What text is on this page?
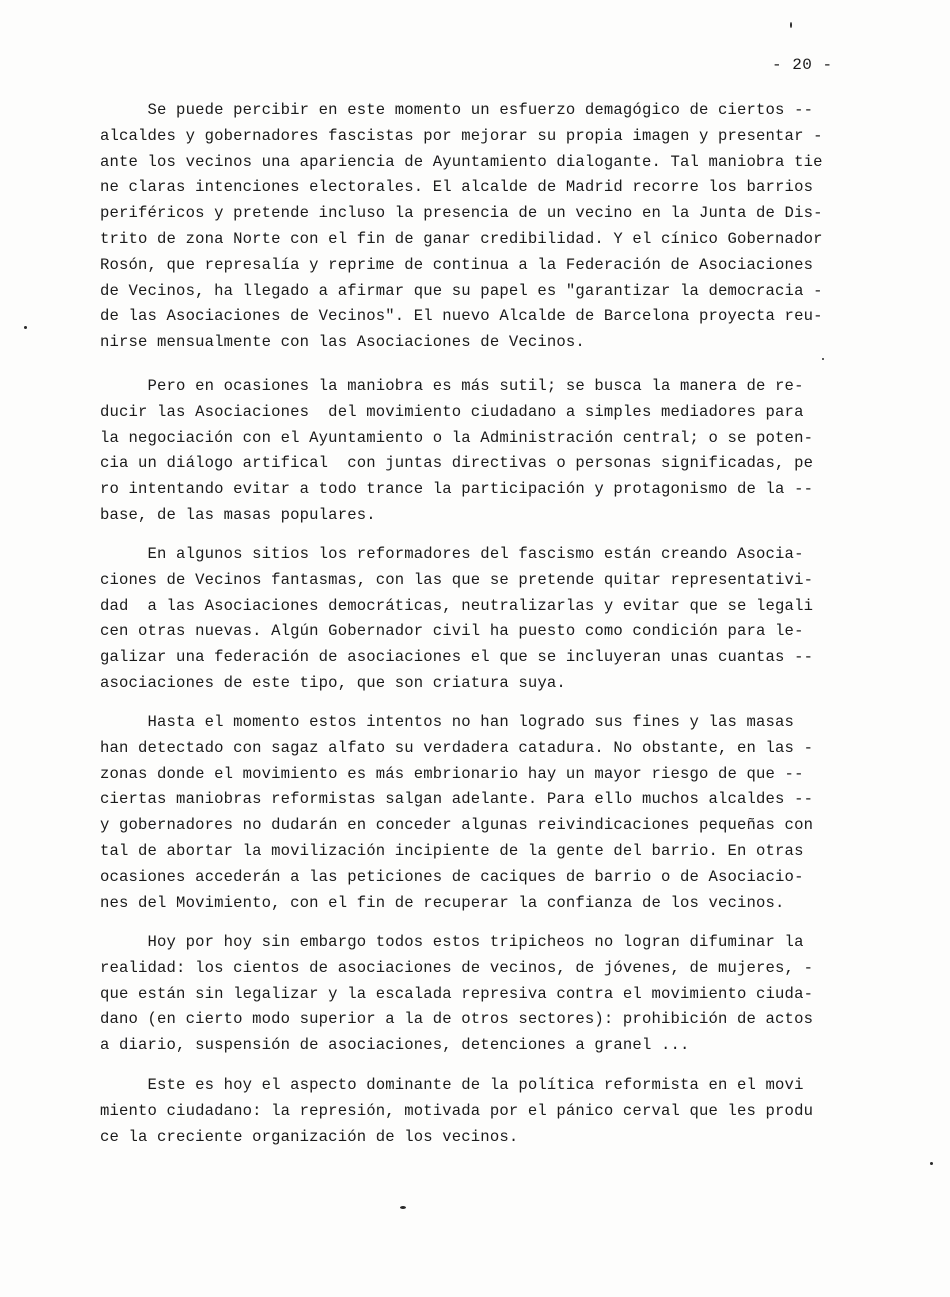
- 20 -
Se puede percibir en este momento un esfuerzo demagógico de ciertos --
alcaldes y gobernadores fascistas por mejorar su propia imagen y presentar -
ante los vecinos una apariencia de Ayuntamiento dialogante. Tal maniobra tie
ne claras intenciones electorales. El alcalde de Madrid recorre los barrios
periféricos y pretende incluso la presencia de un vecino en la Junta de Dis-
trito de zona Norte con el fin de ganar credibilidad. Y el cínico Gobernador
Rosón, que represalía y reprime de continua a la Federación de Asociaciones
de Vecinos, ha llegado a afirmar que su papel es "garantizar la democracia -
de las Asociaciones de Vecinos". El nuevo Alcalde de Barcelona proyecta reu-
nirse mensualmente con las Asociaciones de Vecinos.
Pero en ocasiones la maniobra es más sutil; se busca la manera de re-
ducir las Asociaciones  del movimiento ciudadano a simples mediadores para
la negociación con el Ayuntamiento o la Administración central; o se poten-
cia un diálogo artifical  con juntas directivas o personas significadas, pe
ro intentando evitar a todo trance la participación y protagonismo de la --
base, de las masas populares.
En algunos sitios los reformadores del fascismo están creando Asocia-
ciones de Vecinos fantasmas, con las que se pretende quitar representativi-
dad  a las Asociaciones democráticas, neutralizarlas y evitar que se legali
cen otras nuevas. Algún Gobernador civil ha puesto como condición para le-
galizar una federación de asociaciones el que se incluyeran unas cuantas --
asociaciones de este tipo, que son criatura suya.
Hasta el momento estos intentos no han logrado sus fines y las masas
han detectado con sagaz alfato su verdadera catadura. No obstante, en las -
zonas donde el movimiento es más embrionario hay un mayor riesgo de que --
ciertas maniobras reformistas salgan adelante. Para ello muchos alcaldes --
y gobernadores no dudarán en conceder algunas reivindicaciones pequeñas con
tal de abortar la movilización incipiente de la gente del barrio. En otras
ocasiones accederán a las peticiones de caciques de barrio o de Asociacio-
nes del Movimiento, con el fin de recuperar la confianza de los vecinos.
Hoy por hoy sin embargo todos estos tripicheos no logran difuminar la
realidad: los cientos de asociaciones de vecinos, de jóvenes, de mujeres, -
que están sin legalizar y la escalada represiva contra el movimiento ciuda-
dano (en cierto modo superior a la de otros sectores): prohibición de actos
a diario, suspensión de asociaciones, detenciones a granel ...
Este es hoy el aspecto dominante de la política reformista en el movi
miento ciudadano: la represión, motivada por el pánico cerval que les produ
ce la creciente organización de los vecinos.
